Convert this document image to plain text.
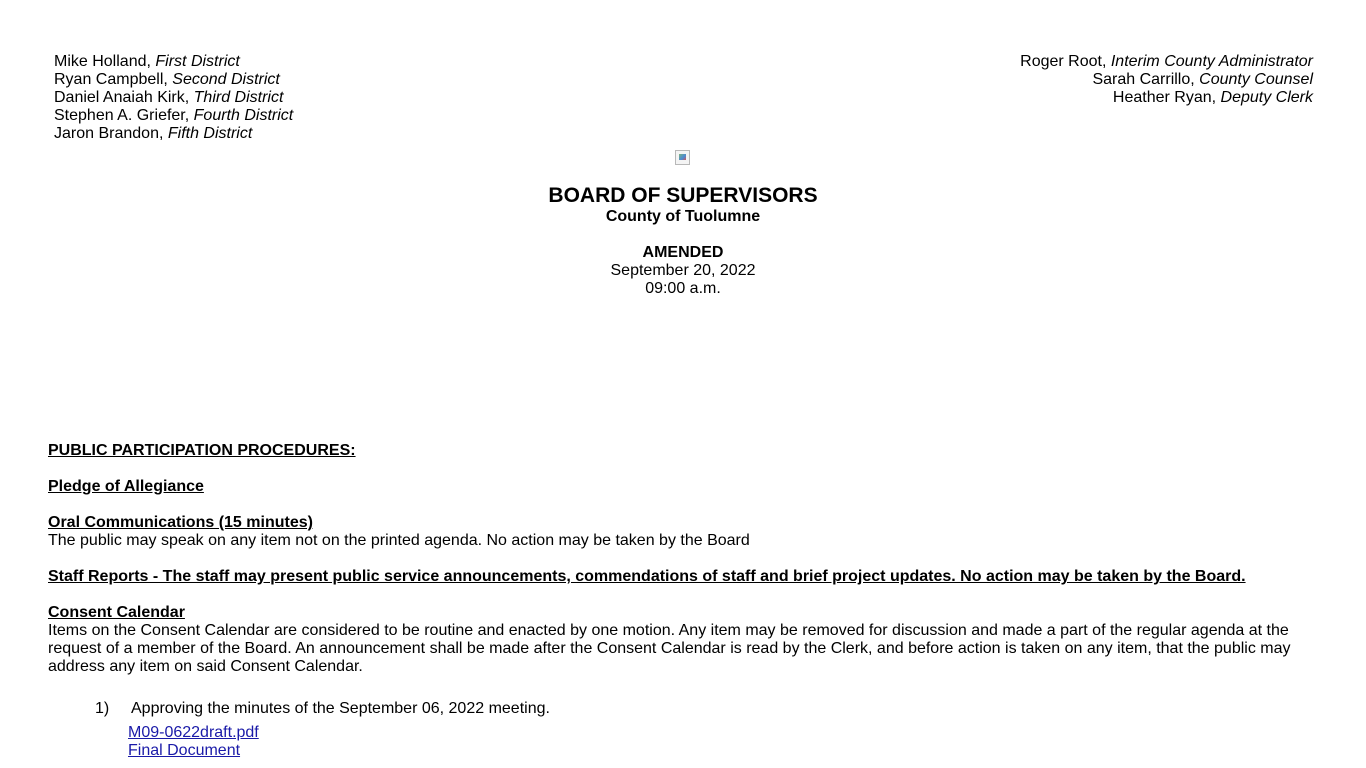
Mike Holland, First District
Ryan Campbell, Second District
Daniel Anaiah Kirk, Third District
Stephen A. Griefer, Fourth District
Jaron Brandon, Fifth District
Roger Root, Interim County Administrator
Sarah Carrillo, County Counsel
Heather Ryan, Deputy Clerk
BOARD OF SUPERVISORS
County of Tuolumne
AMENDED
September 20, 2022
09:00 a.m.
PUBLIC PARTICIPATION PROCEDURES:
Pledge of Allegiance
Oral Communications (15 minutes)
The public may speak on any item not on the printed agenda. No action may be taken by the Board
Staff Reports - The staff may present public service announcements, commendations of staff and brief project updates. No action may be taken by the Board.
Consent Calendar
Items on the Consent Calendar are considered to be routine and enacted by one motion. Any item may be removed for discussion and made a part of the regular agenda at the request of a member of the Board. An announcement shall be made after the Consent Calendar is read by the Clerk, and before action is taken on any item, that the public may address any item on said Consent Calendar.
1) Approving the minutes of the September 06, 2022 meeting.
M09-0622draft.pdf
Final Document
